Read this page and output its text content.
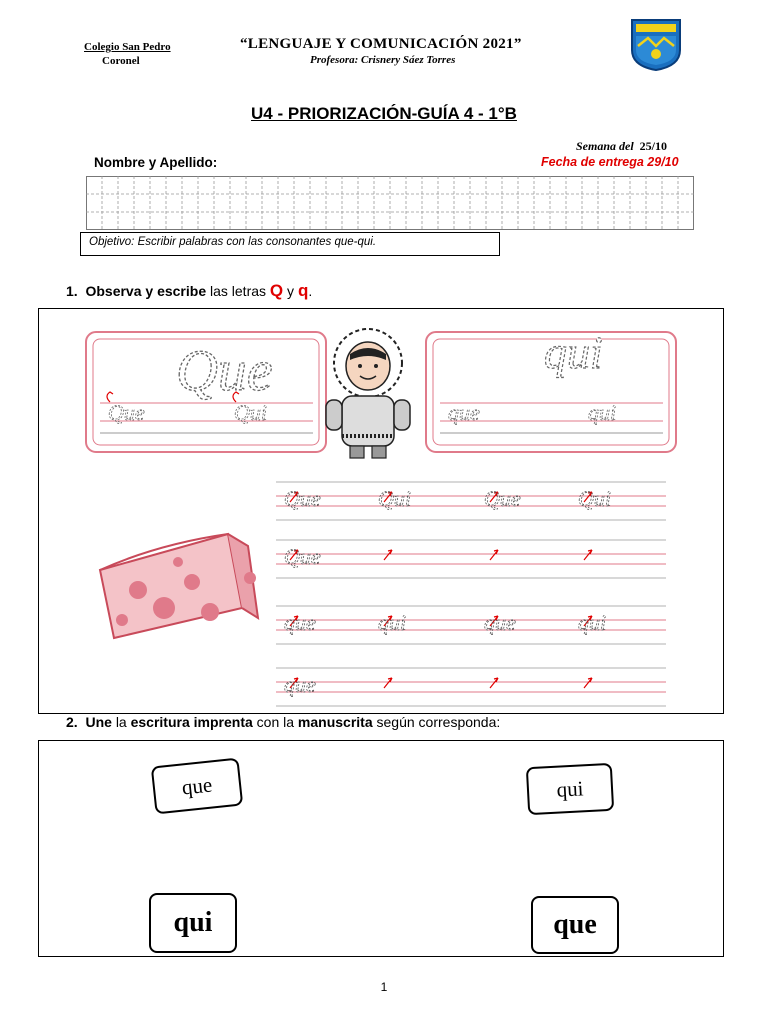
Colegio San Pedro
Coronel
“LENGUAJE Y COMUNICACIÓN 2021”
Profesora: Crisnery Sáez Torres
U4 - PRIORIZACIÓN-GUÍA 4 - 1°B
Semana del 25/10
Nombre y Apellido:	Fecha de entrega 29/10
Objetivo: Escribir palabras con las consonantes que-qui.
1. Observa y escribe las letras Q y q.
Que
Que	Qui
qui
que	qui
Que	Qui	Que	Qui
Que
que	qui	que	qui
que
2. Une la escritura imprenta con la manuscrita según corresponda:
que	qui
qui	que
1
